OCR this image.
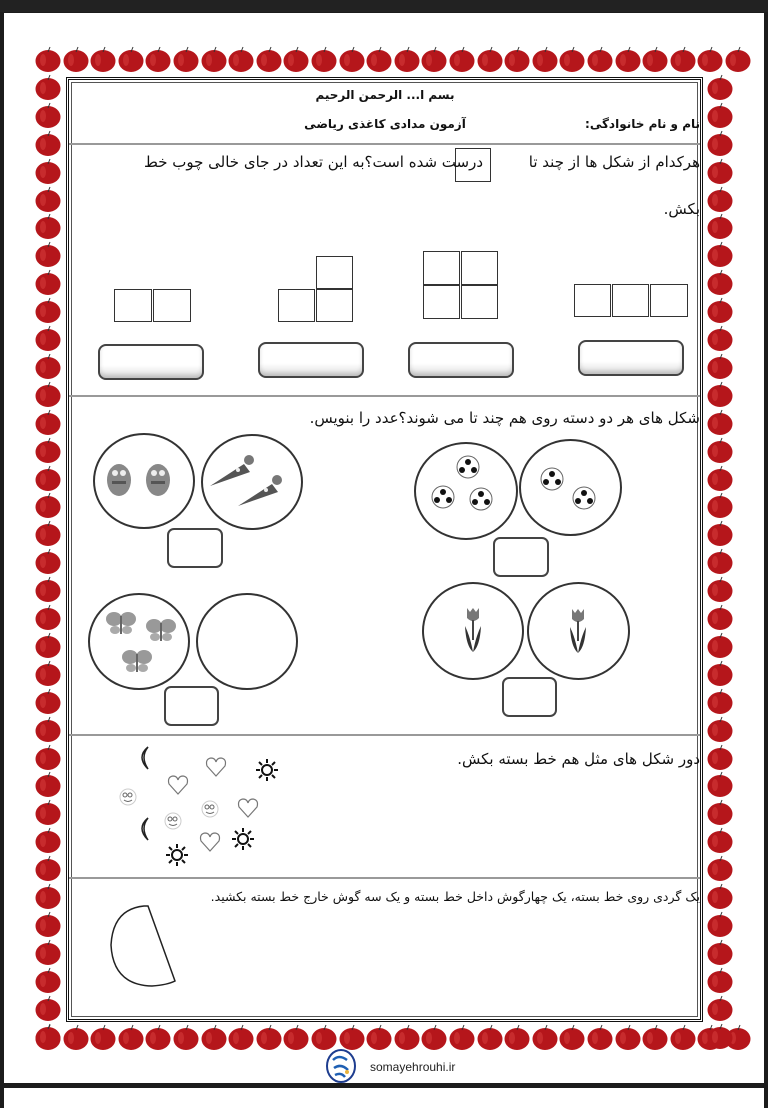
بسم ا... الرحمن الرحیم
آزمون مدادی کاغذی ریاضی	نام و نام خانوادگی:
هرکدام از شکل ها از چند تا
درست شده است؟به این تعداد در جای خالی چوب خط
بکش.
شکل های هر دو دسته روی هم چند تا می شوند؟عدد را بنویس.
دور شکل های مثل هم خط بسته بکش.
یک گردی روی خط بسته، یک چهارگوش داخل خط بسته و یک سه گوش خارج خط بسته بکشید.
somayehrouhi.ir
